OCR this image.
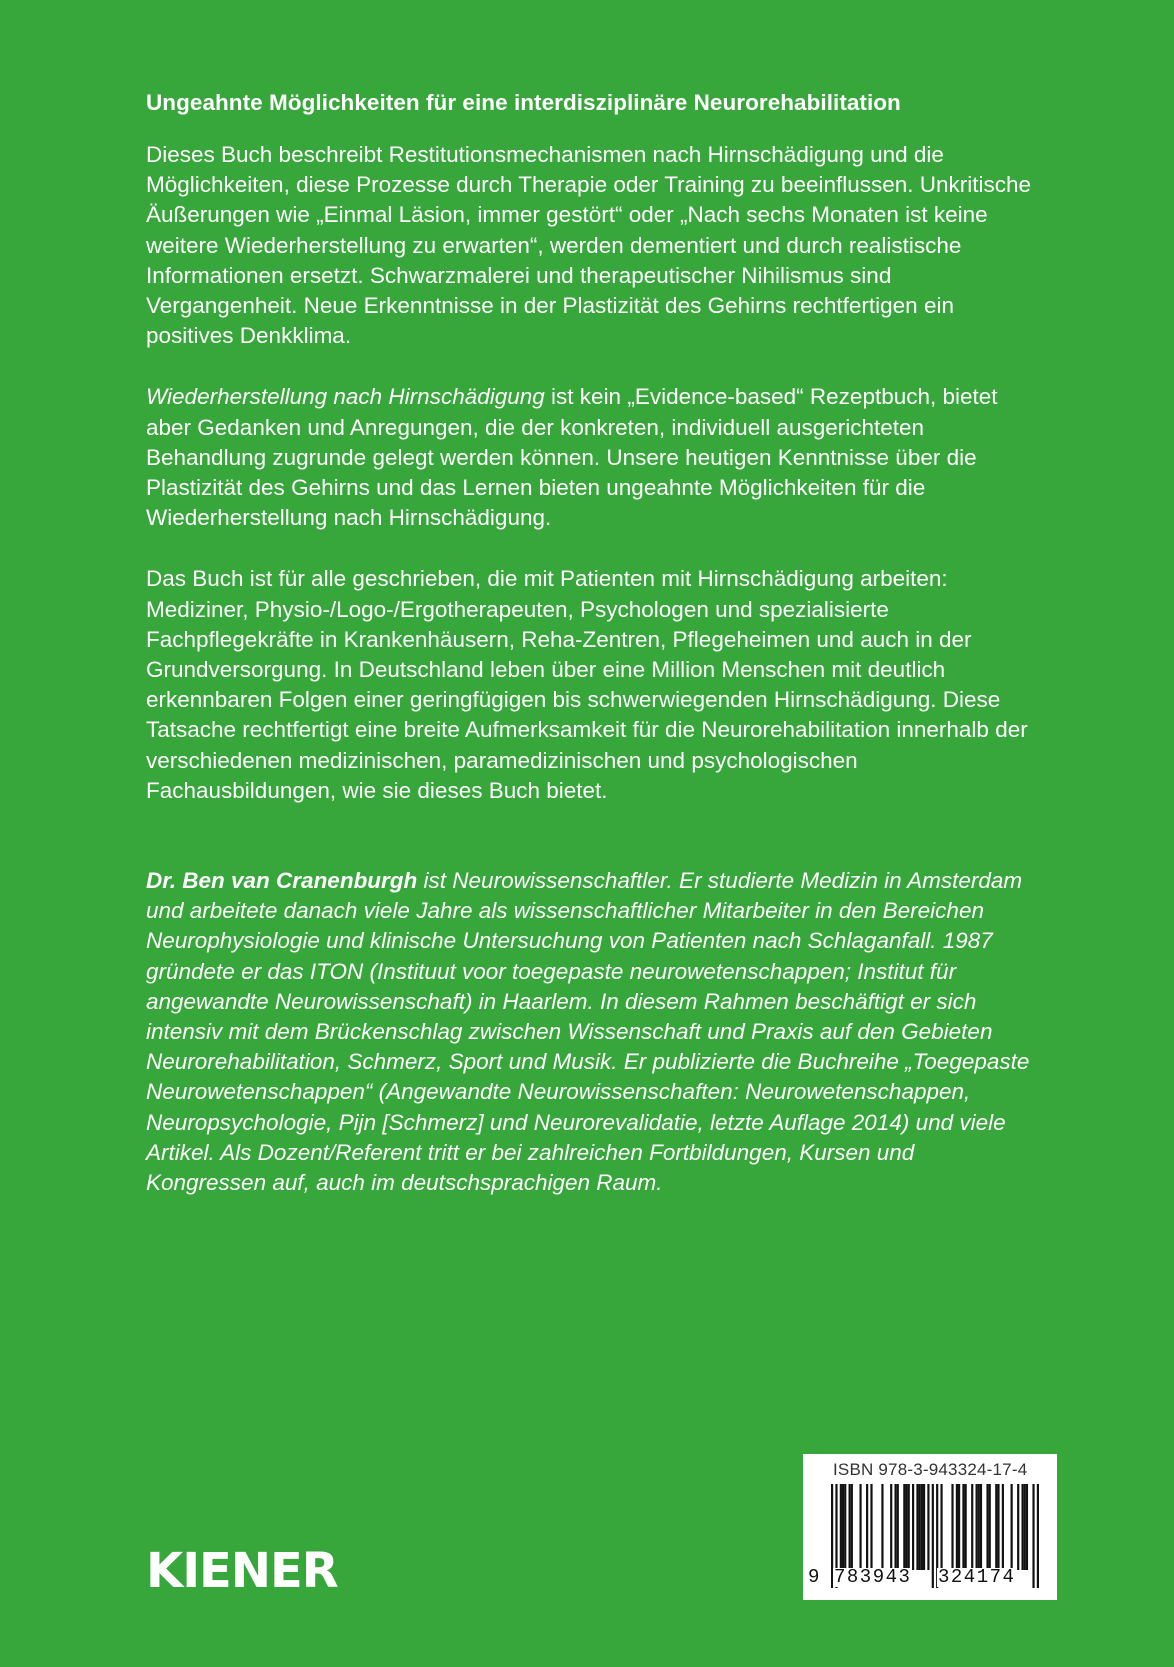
Ungeahnte Möglichkeiten für eine interdisziplinäre Neurorehabilitation

Dieses Buch beschreibt Restitutionsmechanismen nach Hirnschädigung und die Möglichkeiten, diese Prozesse durch Therapie oder Training zu beeinflussen. Unkritische Äußerungen wie „Einmal Läsion, immer gestört“ oder „Nach sechs Monaten ist keine weitere Wiederherstellung zu erwarten“, werden dementiert und durch realistische Informationen ersetzt. Schwarzmalerei und therapeutischer Nihilismus sind Vergangenheit. Neue Erkenntnisse in der Plastizität des Gehirns rechtfertigen ein positives Denkklima.

Wiederherstellung nach Hirnschädigung ist kein „Evidence-based“ Rezeptbuch, bietet aber Gedanken und Anregungen, die der konkreten, individuell ausgerichteten Behandlung zugrunde gelegt werden können. Unsere heutigen Kenntnisse über die Plastizität des Gehirns und das Lernen bieten ungeahnte Möglichkeiten für die Wiederherstellung nach Hirnschädigung.

Das Buch ist für alle geschrieben, die mit Patienten mit Hirnschädigung arbeiten: Mediziner, Physio-/Logo-/Ergotherapeuten, Psychologen und spezialisierte Fachpflegekräfte in Krankenhäusern, Reha-Zentren, Pflegeheimen und auch in der Grundversorgung. In Deutschland leben über eine Million Menschen mit deutlich erkennbaren Folgen einer geringfügigen bis schwerwiegenden Hirnschädigung. Diese Tatsache rechtfertigt eine breite Aufmerksamkeit für die Neurorehabilitation innerhalb der verschiedenen medizinischen, paramedizinischen und psychologischen Fachausbildungen, wie sie dieses Buch bietet.

Dr. Ben van Cranenburgh ist Neurowissenschaftler. Er studierte Medizin in Amsterdam und arbeitete danach viele Jahre als wissenschaftlicher Mitarbeiter in den Bereichen Neurophysiologie und klinische Untersuchung von Patienten nach Schlaganfall. 1987 gründete er das ITON (Instituut voor toegepaste neurowetenschappen; Institut für angewandte Neurowissenschaft) in Haarlem. In diesem Rahmen beschäftigt er sich intensiv mit dem Brückenschlag zwischen Wissenschaft und Praxis auf den Gebieten Neurorehabilitation, Schmerz, Sport und Musik. Er publizierte die Buchreihe „Toegepaste Neurowetenschappen“ (Angewandte Neurowissenschaften: Neurowetenschappen, Neuropsychologie, Pijn [Schmerz] und Neurorevalidatie, letzte Auflage 2014) und viele Artikel. Als Dozent/Referent tritt er bei zahlreichen Fortbildungen, Kursen und Kongressen auf, auch im deutschsprachigen Raum.

KIENER
ISBN 978-3-943324-17-4
9 783943 324174
